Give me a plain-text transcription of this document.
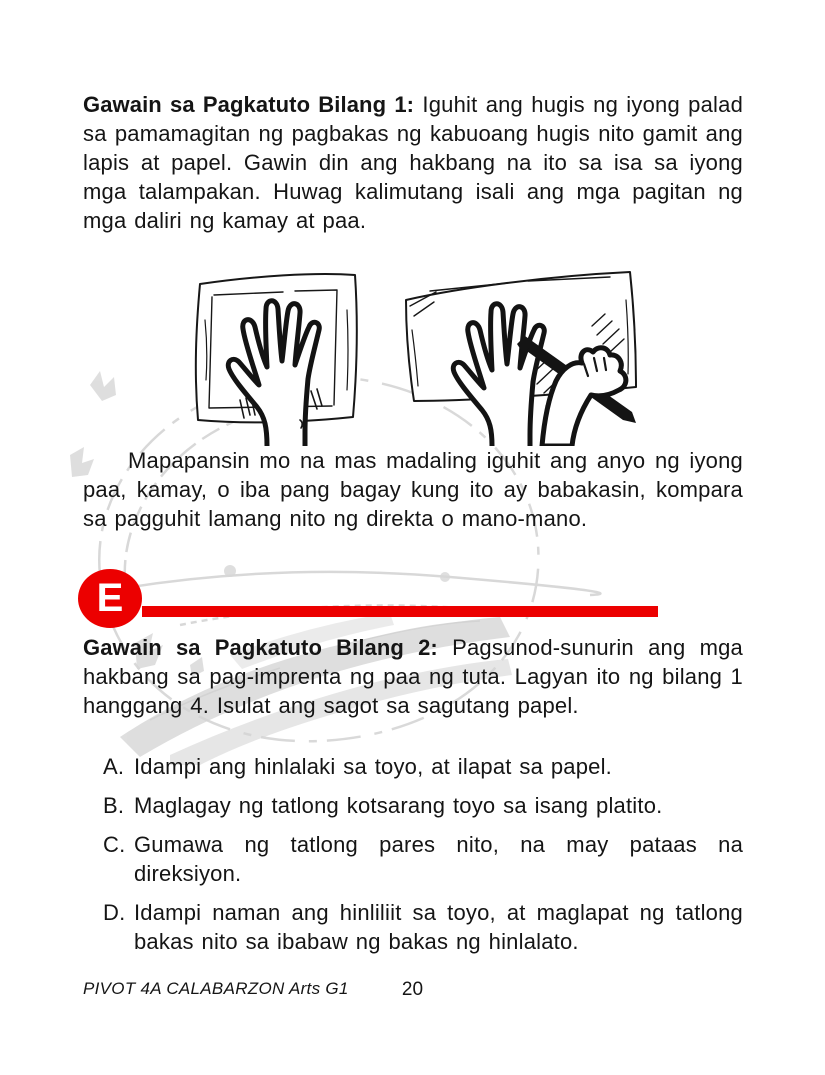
Gawain sa Pagkatuto Bilang 1: Iguhit ang hugis ng iyong palad sa pamamagitan ng pagbakas ng kabuoang hugis nito gamit ang lapis at papel. Gawin din ang hakbang na ito sa isa sa iyong mga talampakan. Huwag kalimutang isali ang mga pagitan ng mga daliri ng kamay at paa.
Mapapansin mo na mas madaling iguhit ang anyo ng iyong paa, kamay, o iba pang bagay kung ito ay babakasin, kompara sa pagguhit lamang nito ng direkta o mano-mano.
E
Gawain sa Pagkatuto Bilang 2: Pagsunod-sunurin ang mga hakbang sa pag-imprenta ng paa ng tuta. Lagyan ito ng bilang 1 hanggang 4. Isulat ang sagot sa sagutang papel.
A. Idampi ang hinlalaki sa toyo, at ilapat sa papel.
B. Maglagay ng tatlong kotsarang toyo sa isang platito.
C. Gumawa ng tatlong pares nito, na may pataas na direksiyon.
D. Idampi naman ang hinliliit sa toyo, at maglapat ng tatlong bakas nito sa ibabaw ng bakas ng hinlalato.
PIVOT 4A CALABARZON Arts G1	20
